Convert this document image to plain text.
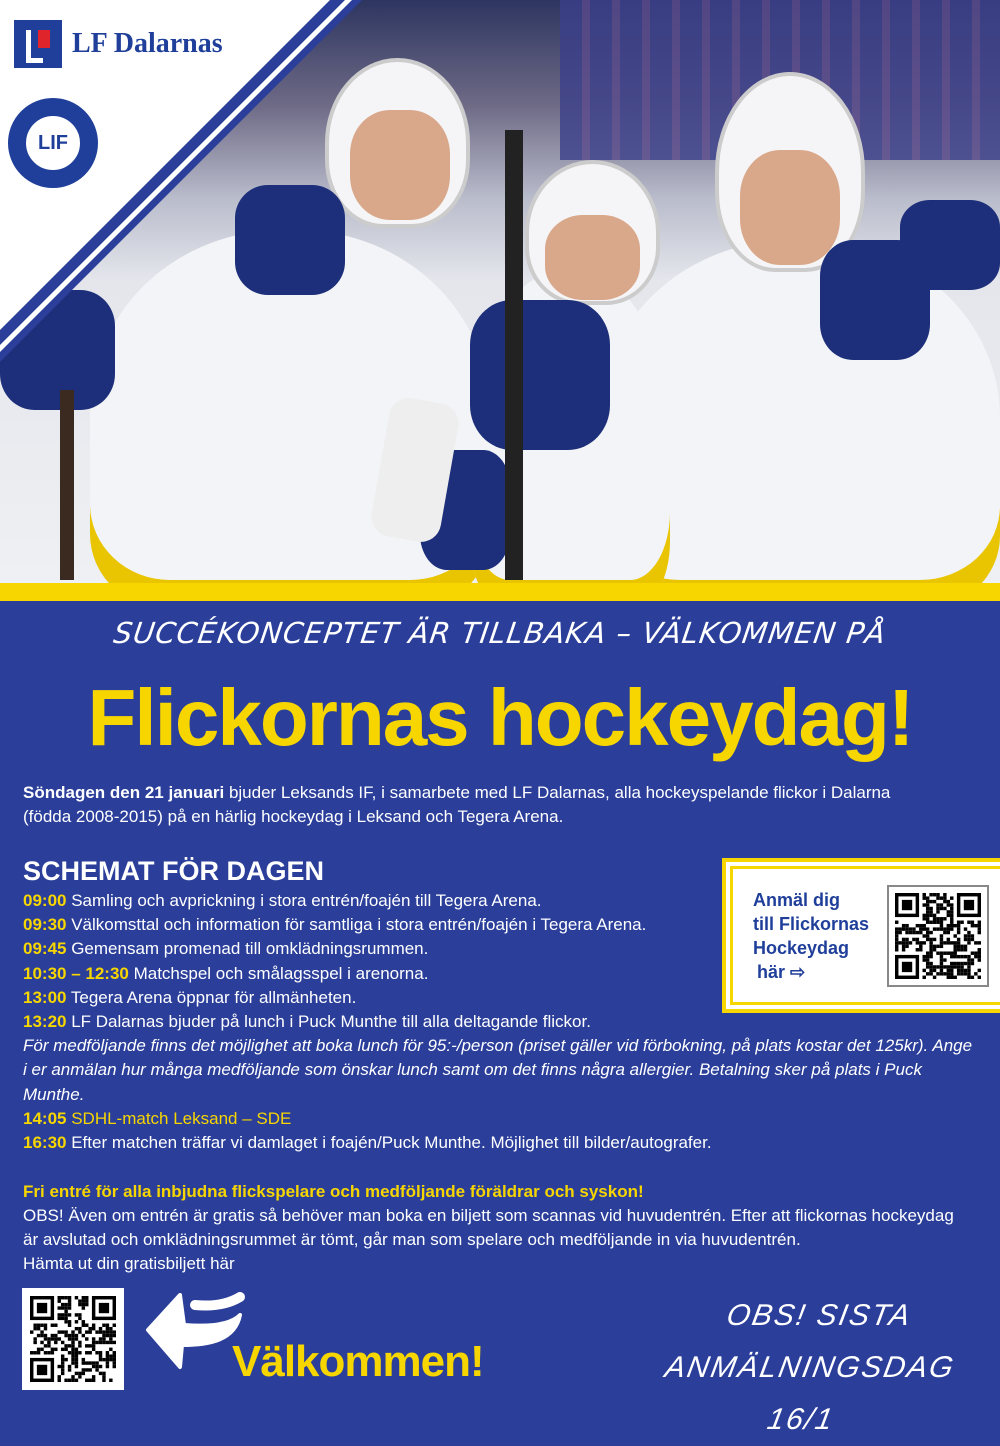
LF Dalarnas
LIF
SUCCÉKONCEPTET ÄR TILLBAKA – VÄLKOMMEN PÅ
Flickornas hockeydag!

Söndagen den 21 januari bjuder Leksands IF, i samarbete med LF Dalarnas, alla hockeyspelande flickor i Dalarna (födda 2008-2015) på en härlig hockeydag i Leksand och Tegera Arena.

SCHEMAT FÖR DAGEN
09:00 Samling och avprickning i stora entrén/foajén till Tegera Arena.
09:30 Välkomsttal och information för samtliga i stora entrén/foajén i Tegera Arena.
09:45 Gemensam promenad till omklädningsrummen.
10:30 – 12:30 Matchspel och smålagsspel i arenorna.
13:00 Tegera Arena öppnar för allmänheten.
13:20 LF Dalarnas bjuder på lunch i Puck Munthe till alla deltagande flickor.
För medföljande finns det möjlighet att boka lunch för 95:-/person (priset gäller vid förbokning, på plats kostar det 125kr). Ange i er anmälan hur många medföljande som önskar lunch samt om det finns några allergier. Betalning sker på plats i Puck Munthe.
14:05 SDHL-match Leksand – SDE
16:30 Efter matchen träffar vi damlaget i foajén/Puck Munthe. Möjlighet till bilder/autografer.
Anmäl dig
till Flickornas
Hockeydag
här ⇨
Fri entré för alla inbjudna flickspelare och medföljande föräldrar och syskon!
OBS! Även om entrén är gratis så behöver man boka en biljett som scannas vid huvudentrén. Efter att flickornas hockeydag är avslutad och omklädningsrummet är tömt, går man som spelare och medföljande in via huvudentrén.
Hämta ut din gratisbiljett här
Välkommen!
OBS! SISTA
ANMÄLNINGSDAG 16/1
